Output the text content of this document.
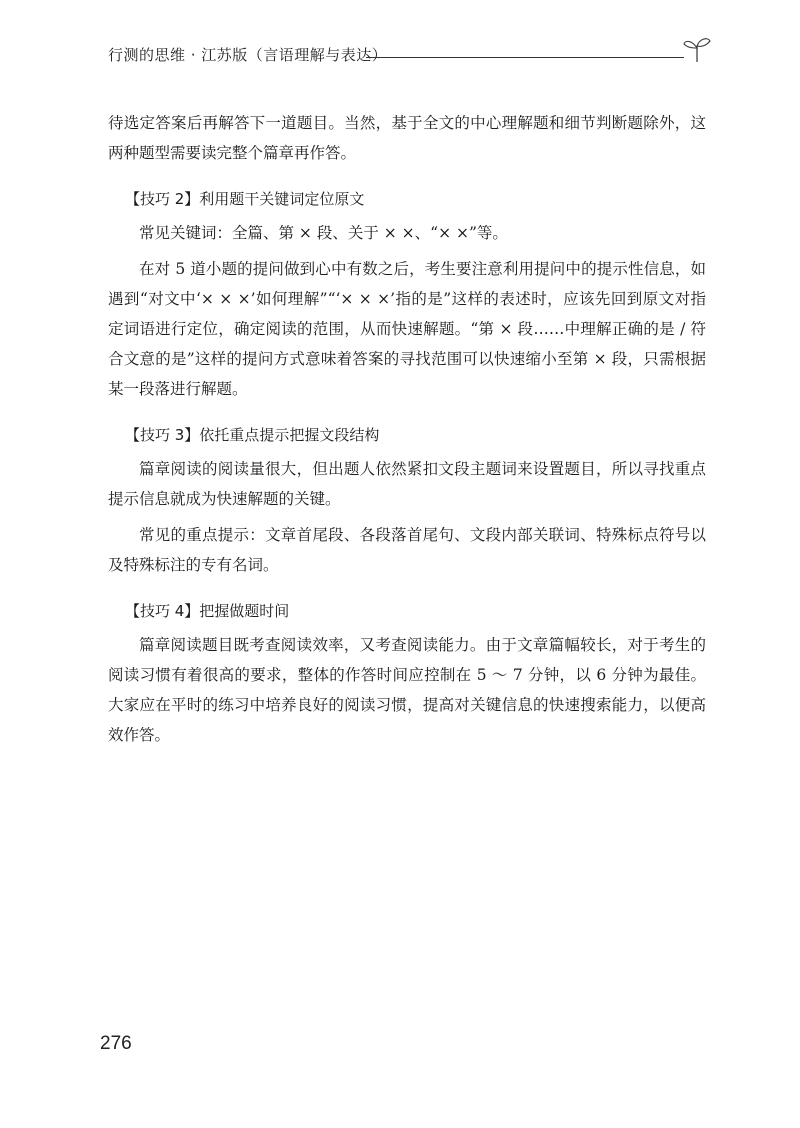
行测的思维 · 江苏版（言语理解与表达）

待选定答案后再解答下一道题目。当然，基于全文的中心理解题和细节判断题除外，这两种题型需要读完整个篇章再作答。

【技巧 2】利用题干关键词定位原文

常见关键词：全篇、第 × 段、关于 × ×、“× ×”等。

在对 5 道小题的提问做到心中有数之后，考生要注意利用提问中的提示性信息，如遇到“对文中‘× × ×’如何理解”“‘× × ×’指的是”这样的表述时，应该先回到原文对指定词语进行定位，确定阅读的范围，从而快速解题。“第 × 段……中理解正确的是 / 符合文意的是”这样的提问方式意味着答案的寻找范围可以快速缩小至第 × 段，只需根据某一段落进行解题。

【技巧 3】依托重点提示把握文段结构

篇章阅读的阅读量很大，但出题人依然紧扣文段主题词来设置题目，所以寻找重点提示信息就成为快速解题的关键。

常见的重点提示：文章首尾段、各段落首尾句、文段内部关联词、特殊标点符号以及特殊标注的专有名词。

【技巧 4】把握做题时间

篇章阅读题目既考查阅读效率，又考查阅读能力。由于文章篇幅较长，对于考生的阅读习惯有着很高的要求，整体的作答时间应控制在 5 ～ 7 分钟，以 6 分钟为最佳。大家应在平时的练习中培养良好的阅读习惯，提高对关键信息的快速搜索能力，以便高效作答。

276
